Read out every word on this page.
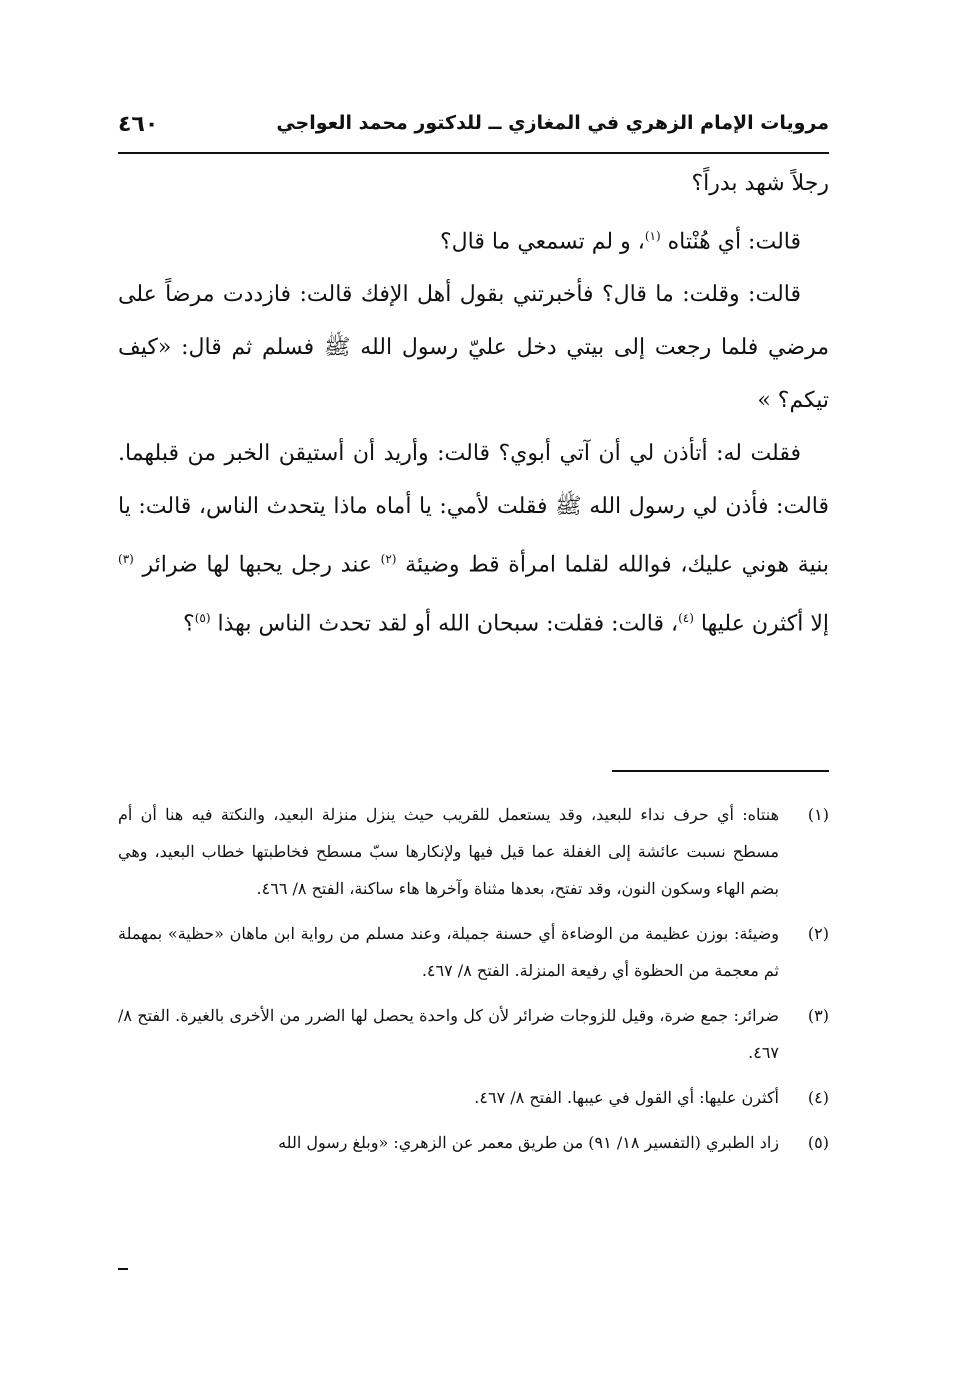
مرويات الإمام الزهري في المغازي ــ للدكتور محمد العواجي
٤٦٠

رجلاً شهد بدراً؟

قالت: أي هُنْتاه $^{(١)}$، و لم تسمعي ما قال؟

قالت: وقلت: ما قال؟ فأخبرتني بقول أهل الإفك قالت: فازددت مرضاً على مرضي فلما رجعت إلى بيتي دخل عليّ رسول الله ﷺ فسلم ثم قال: «كيف تيكم؟ »

فقلت له: أتأذن لي أن آتي أبوي؟ قالت: وأريد أن أستيقن الخبر من قبلهما. قالت: فأذن لي رسول الله ﷺ فقلت لأمي: يا أماه ماذا يتحدث الناس، قالت: يا بنية هوني عليك، فوالله لقلما امرأة قط وضيئة $^{(٢)}$ عند رجل يحبها لها ضرائر $^{(٣)}$ إلا أكثرن عليها $^{(٤)}$، قالت: فقلت: سبحان الله أو لقد تحدث الناس بهذا $^{(٥)}$؟

(١)
هنتاه: أي حرف نداء للبعيد، وقد يستعمل للقريب حيث ينزل منزلة البعيد، والنكتة فيه هنا أن أم مسطح نسبت عائشة إلى الغفلة عما قيل فيها ولإنكارها سبّ مسطح فخاطبتها خطاب البعيد، وهي بضم الهاء وسكون النون، وقد تفتح، بعدها مثناة وآخرها هاء ساكنة، الفتح ٨/ ٤٦٦.
(٢)
وضيئة: بوزن عظيمة من الوضاءة أي حسنة جميلة، وعند مسلم من رواية ابن ماهان «حظية» بمهملة ثم معجمة من الحظوة أي رفيعة المنزلة. الفتح ٨/ ٤٦٧.
(٣)
ضرائر: جمع ضرة، وقيل للزوجات ضرائر لأن كل واحدة يحصل لها الضرر من الأخرى بالغيرة. الفتح ٨/ ٤٦٧.
(٤)
أكثرن عليها: أي القول في عيبها. الفتح ٨/ ٤٦٧.
(٥)
زاد الطبري (التفسير ١٨/ ٩١) من طريق معمر عن الزهري: «وبلغ رسول الله
